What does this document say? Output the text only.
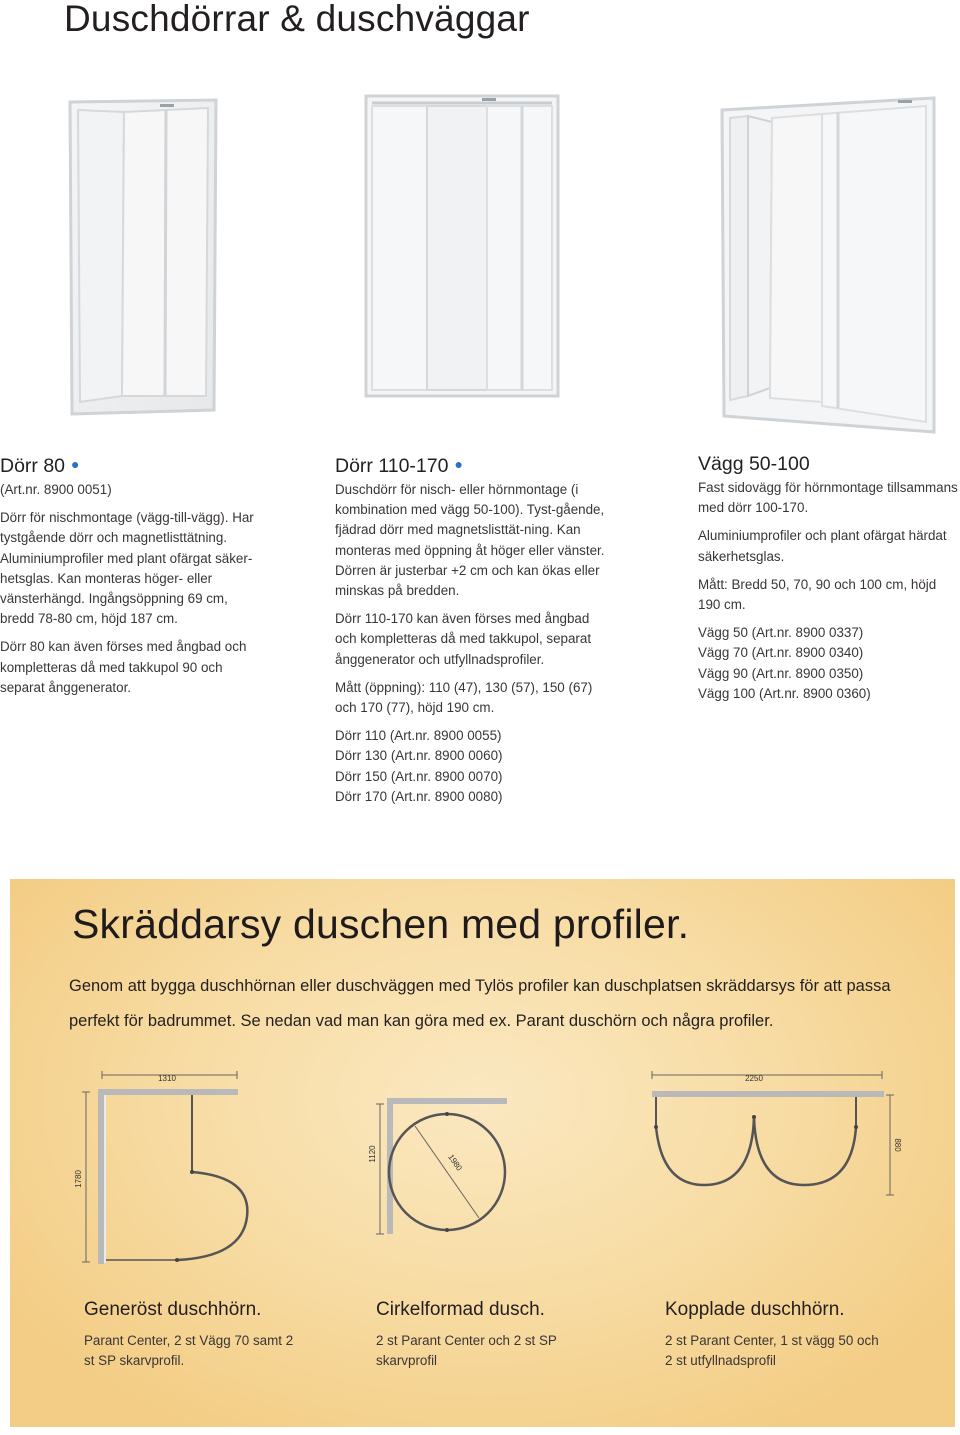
Duschdörrar & duschväggar
Dörr 80 ●

(Art.nr. 8900 0051)

Dörr för nischmontage (vägg-till-vägg). Har tystgående dörr och magnetlisttätning. Aluminiumprofiler med plant ofärgat säker-hetsglas. Kan monteras höger- eller vänsterhängd. Ingångsöppning 69 cm, bredd 78-80 cm, höjd 187 cm.

Dörr 80 kan även förses med ångbad och kompletteras då med takkupol 90 och separat ånggenerator.

Dörr 110-170 ●

Duschdörr för nisch- eller hörnmontage (i kombination med vägg 50-100). Tyst-gående, fjädrad dörr med magnetslisttät-ning. Kan monteras med öppning åt höger eller vänster. Dörren är justerbar +2 cm och kan ökas eller minskas på bredden.

Dörr 110-170 kan även förses med ångbad och kompletteras då med takkupol, separat ånggenerator och utfyllnadsprofiler.

Mått (öppning): 110 (47), 130 (57), 150 (67) och 170 (77), höjd 190 cm.

Dörr 110 (Art.nr. 8900 0055)
Dörr 130 (Art.nr. 8900 0060)
Dörr 150 (Art.nr. 8900 0070)
Dörr 170 (Art.nr. 8900 0080)
Vägg 50-100

Fast sidovägg för hörnmontage tillsammans med dörr 100-170.

Aluminiumprofiler och plant ofärgat härdat säkerhetsglas.

Mått: Bredd 50, 70, 90 och 100 cm, höjd 190 cm.

Vägg 50 (Art.nr. 8900 0337)
Vägg 70 (Art.nr. 8900 0340)
Vägg 90 (Art.nr. 8900 0350)
Vägg 100 (Art.nr. 8900 0360)
Skräddarsy duschen med profiler.

Genom att bygga duschhörnan eller duschväggen med Tylös profiler kan duschplatsen skräddarsys för att passa perfekt för badrummet. Se nedan vad man kan göra med ex. Parant duschörn och några profiler.

1310
1780
1120	1980
2250
880
Generöst duschhörn.

Parant Center, 2 st Vägg 70 samt 2 st SP skarvprofil.

Cirkelformad dusch.

2 st Parant Center och 2 st SP skarvprofil

Kopplade duschhörn.

2 st Parant Center, 1 st vägg 50 och 2 st utfyllnadsprofil
